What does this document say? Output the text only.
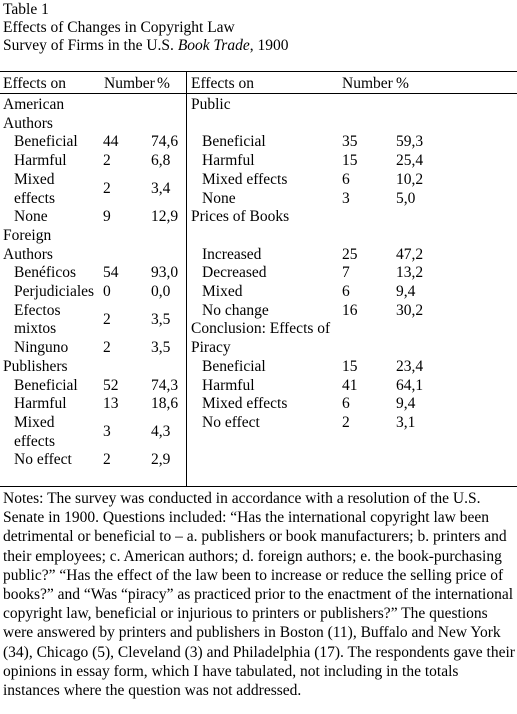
Table 1
Effects of Changes in Copyright Law
Survey of Firms in the U.S. Book Trade, 1900
Effects on Number % Effects on	Number %
American
Authors
Beneficial 44 74,6
Harmful 2	6,8
Mixed
effects
2	3,4
None	9	12,9
Foreign
Authors
Benéficos 54 93,0
Perjudiciales 0	0,0
Efectos
mixtos
2	3,5
Ninguno 2	3,5
Publishers
Beneficial 52 74,3
Harmful 13 18,6
Mixed
effects
3	4,3
No effect 2	2,9
Public
Beneficial	35 59,3
Harmful	15 25,4
Mixed effects	6	10,2
None	3	5,0
Prices of Books
Increased	25 47,2
Decreased	7	13,2
Mixed	6	9,4
No change	16 30,2
Conclusion: Effects of
Piracy
Beneficial	15 23,4
Harmful	41 64,1
Mixed effects	6	9,4
No effect	2	3,1
Notes: The survey was conducted in accordance with a resolution of the U.S. Senate in 1900. Questions included: “Has the international copyright law been detrimental or beneficial to – a. publishers or book manufacturers; b. printers and their employees; c. American authors; d. foreign authors; e. the book-purchasing public?” “Has the effect of the law been to increase or reduce the selling price of books?” and “Was “piracy” as practiced prior to the enactment of the international copyright law, beneficial or injurious to printers or publishers?” The questions were answered by printers and publishers in Boston (11), Buffalo and New York (34), Chicago (5), Cleveland (3) and Philadelphia (17). The respondents gave their opinions in essay form, which I have tabulated, not including in the totals instances where the question was not addressed.
